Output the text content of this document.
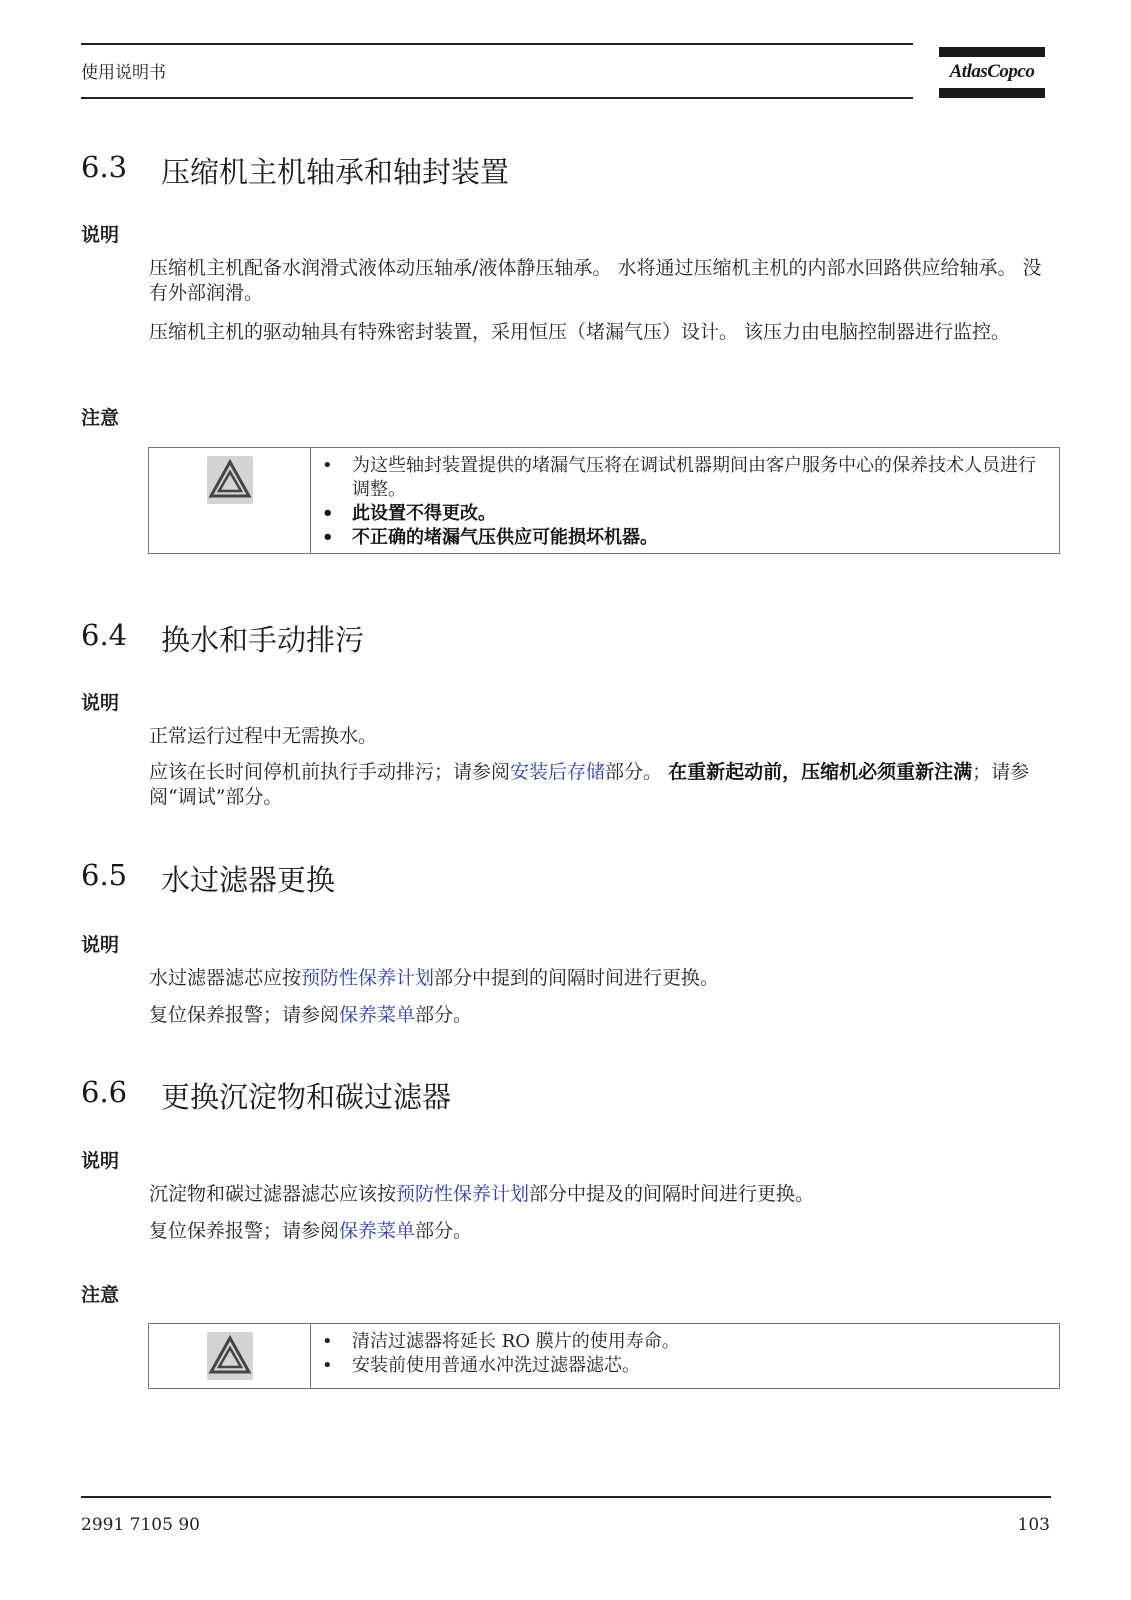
使用说明书	AtlasCopco
6.3 压缩机主机轴承和轴封装置
说明
压缩机主机配备水润滑式液体动压轴承/液体静压轴承。 水将通过压缩机主机的内部水回路供应给轴承。 没有外部润滑。
压缩机主机的驱动轴具有特殊密封装置，采用恒压（堵漏气压）设计。 该压力由电脑控制器进行监控。
注意
• 为这些轴封装置提供的堵漏气压将在调试机器期间由客户服务中心的保养技术人员进行调整。
• 此设置不得更改。
• 不正确的堵漏气压供应可能损坏机器。
6.4 换水和手动排污
说明
正常运行过程中无需换水。
应该在长时间停机前执行手动排污；请参阅安装后存储部分。 在重新起动前，压缩机必须重新注满；请参阅“调试”部分。
6.5 水过滤器更换
说明
水过滤器滤芯应按预防性保养计划部分中提到的间隔时间进行更换。
复位保养报警；请参阅保养菜单部分。
6.6 更换沉淀物和碳过滤器
说明
沉淀物和碳过滤器滤芯应该按预防性保养计划部分中提及的间隔时间进行更换。
复位保养报警；请参阅保养菜单部分。
注意
• 清洁过滤器将延长 RO 膜片的使用寿命。
• 安装前使用普通水冲洗过滤器滤芯。
2991 7105 90	103
